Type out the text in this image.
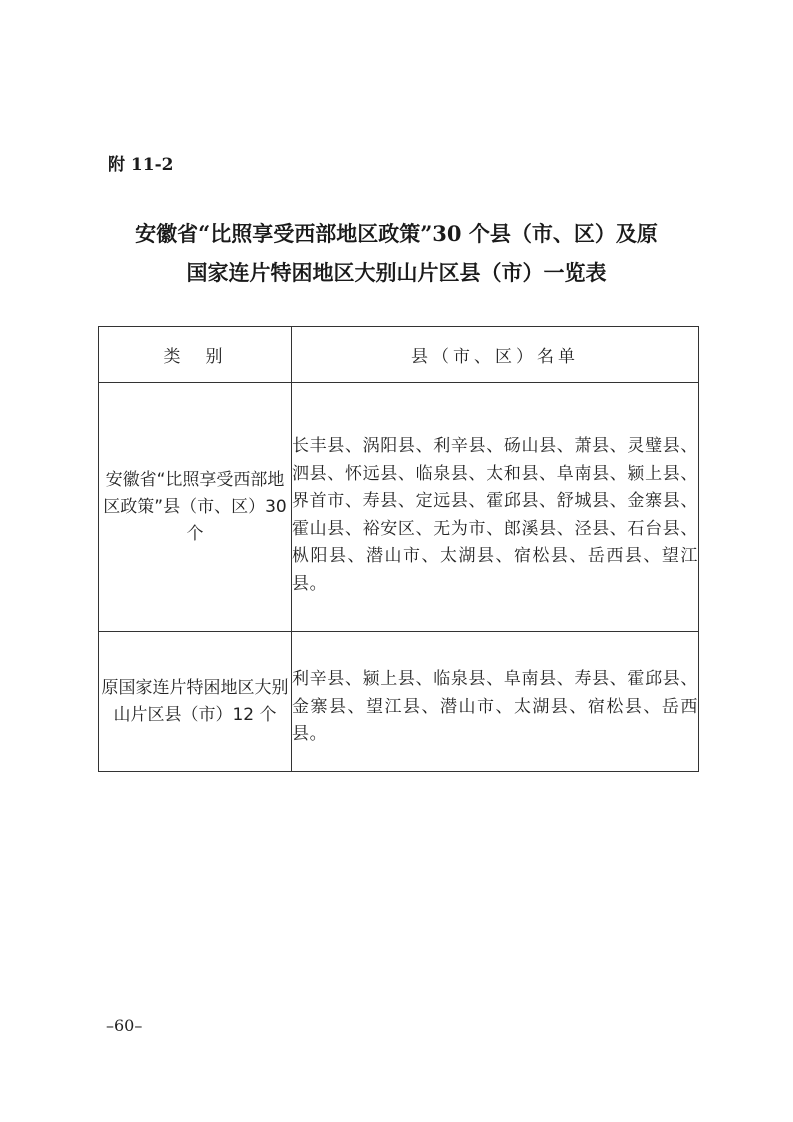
附 11-2
安徽省“比照享受西部地区政策”30 个县（市、区）及原
国家连片特困地区大别山片区县（市）一览表
类　别	县（市、区）名单
安徽省“比照享受西部地区政策”县（市、区）30 个	长丰县、涡阳县、利辛县、砀山县、萧县、灵璧县、泗县、怀远县、临泉县、太和县、阜南县、颍上县、界首市、寿县、定远县、霍邱县、舒城县、金寨县、霍山县、裕安区、无为市、郎溪县、泾县、石台县、枞阳县、潜山市、太湖县、宿松县、岳西县、望江县。
原国家连片特困地区大别山片区县（市）12 个	利辛县、颍上县、临泉县、阜南县、寿县、霍邱县、金寨县、望江县、潜山市、太湖县、宿松县、岳西县。
–60–
